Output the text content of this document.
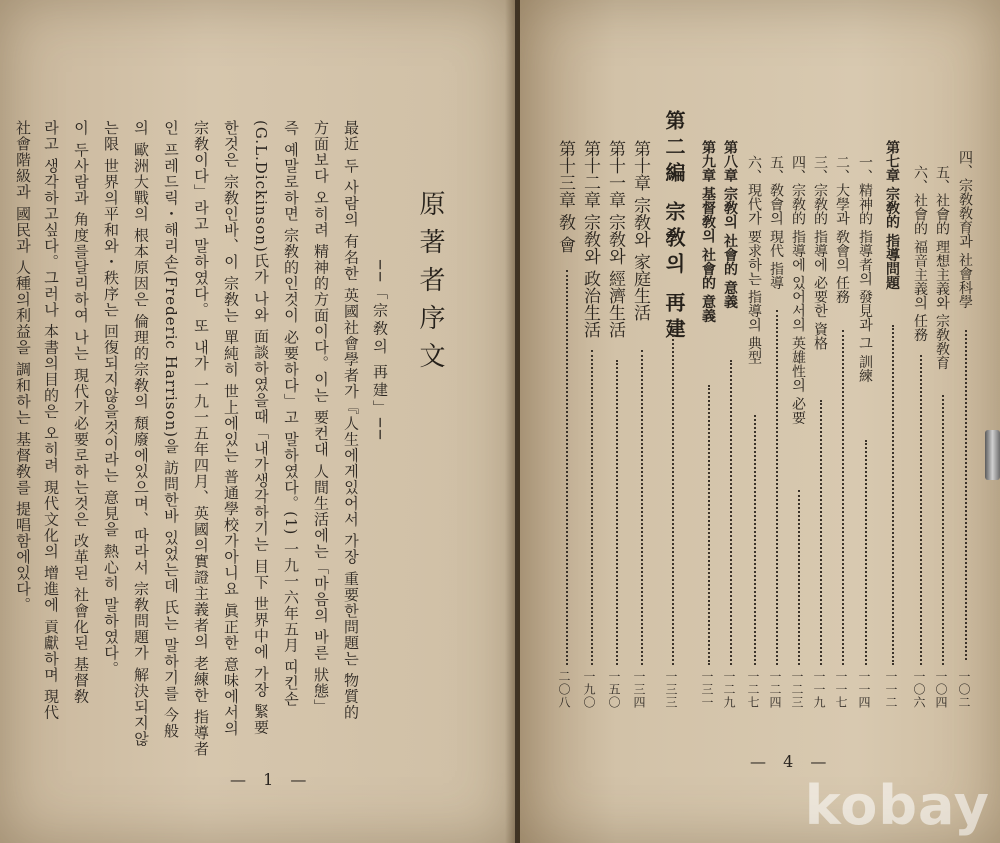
原著者序文
──「宗敎의 再建」──
最近 두 사람의 有名한 英國社會學者가『人生에게있어서 가장 重要한問題는 物質的
方面보다 오히려 精神的方面이다。이는 要컨대 人間生活에는「마음의 바른 狀態」
즉 예말로하면 宗敎的인것이 必要하다」고 말하였다。(1) 一九一六年五月 띠킨손
(G.L.Dickinson)氏가 나와 面談하였을때「내가생각하기는 目下 世界中에 가장 緊要
한것은 宗敎인바、이 宗敎는 單純히 世上에있는 普通學校가아니요 眞正한 意味에서의
宗敎이다」라고 말하였다。또 내가 一九一五年四月、英國의實證主義者의 老練한 指導者
인 프레드릭・해리손(Frederic Harrison)을 訪問한바 있었는데 氏는 말하기를 今般
의 歐洲大戰의 根本原因은 倫理的宗敎의 頹廢에있으며、따라서 宗敎問題가 解決되지않
는限 世界의平和와・秩序는 回復되지않을것이라는 意見을 熱心히 말하였다。
이 두사람과 角度를달리하여 나는 現代가必要로하는것은 改革된 社會化된 基督敎
라고 생각하고싶다。그러나 本書의目的은 오히려 現代文化의 增進에 貢獻하며 現代
社會階級과 國民과 人種의利益을 調和하는 基督敎를 提唱함에있다。
— 1 —
四、宗敎敎育과 社會科學
一〇二
五、社會的 理想主義와 宗敎敎育
一〇四
六、社會的 福音主義의 任務
一〇六
第七章 宗敎的 指導問題
一一二
一、精神的 指導者의 發見과 그 訓練
一一四
二、大學과 敎會의 任務
一一七
三、宗敎的 指導에 必要한 資格
一一九
四、宗敎的 指導에 있어서의 英雄性의 必要
一二三
五、敎會의 現代 指導
一二四
六、現代가 要求하는 指導의 典型
一二七
第八章 宗敎의 社會的 意義
一二九
第九章 基督敎의 社會的 意義
一三一
第二編 宗敎의 再建
一三三
第十章 宗敎와 家庭生活
一三四
第十一章 宗敎와 經濟生活
一五〇
第十二章 宗敎와 政治生活
一九〇
第十三章 敎 會
二〇八
— 4 —
kobay
